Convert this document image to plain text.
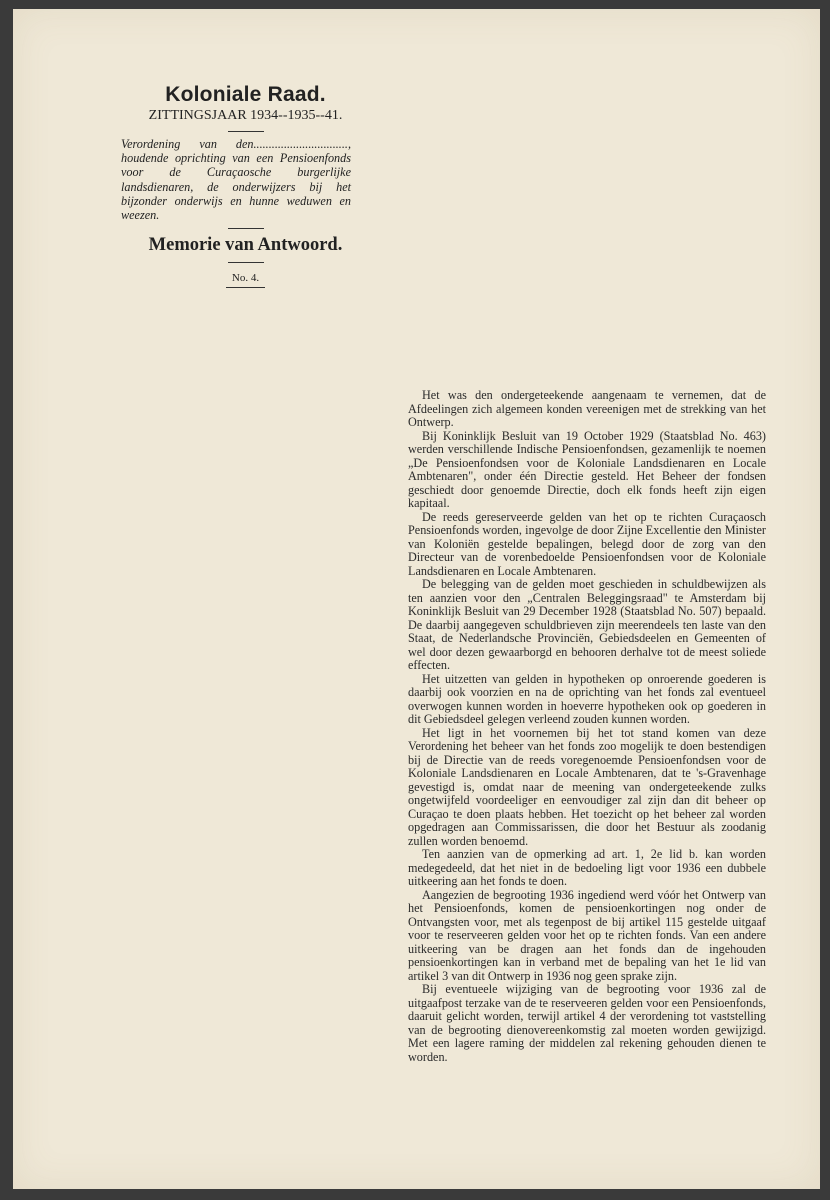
Koloniale Raad.
ZITTINGSJAAR 1934--1935--41.

Verordening van den..............................., houdende oprichting van een Pensioenfonds voor de Curaçaosche burgerlijke landsdienaren, de onderwijzers bij het bijzonder onderwijs en hunne weduwen en weezen.

Memorie van Antwoord.
No. 4.

Het was den ondergeteekende aangenaam te vernemen, dat de Afdeelingen zich algemeen konden vereenigen met de strekking van het Ontwerp.

Bij Koninklijk Besluit van 19 October 1929 (Staatsblad No. 463) werden verschillende Indische Pensioenfondsen, gezamenlijk te noemen „De Pensioenfondsen voor de Koloniale Landsdienaren en Locale Ambtenaren", onder één Directie gesteld. Het Beheer der fondsen geschiedt door genoemde Directie, doch elk fonds heeft zijn eigen kapitaal.

De reeds gereserveerde gelden van het op te richten Curaçaosch Pensioenfonds worden, ingevolge de door Zijne Excellentie den Minister van Koloniën gestelde bepalingen, belegd door de zorg van den Directeur van de vorenbedoelde Pensioenfondsen voor de Koloniale Landsdienaren en Locale Ambtenaren.

De belegging van de gelden moet geschieden in schuldbewijzen als ten aanzien voor den „Centralen Beleggingsraad" te Amsterdam bij Koninklijk Besluit van 29 December 1928 (Staatsblad No. 507) bepaald. De daarbij aangegeven schuldbrieven zijn meerendeels ten laste van den Staat, de Nederlandsche Provinciën, Gebiedsdeelen en Gemeenten of wel door dezen gewaarborgd en behooren derhalve tot de meest soliede effecten.

Het uitzetten van gelden in hypotheken op onroerende goederen is daarbij ook voorzien en na de oprichting van het fonds zal eventueel overwogen kunnen worden in hoeverre hypotheken ook op goederen in dit Gebiedsdeel gelegen verleend zouden kunnen worden.

Het ligt in het voornemen bij het tot stand komen van deze Verordening het beheer van het fonds zoo mogelijk te doen bestendigen bij de Directie van de reeds voregenoemde Pensioenfondsen voor de Koloniale Landsdienaren en Locale Ambtenaren, dat te 's-Gravenhage gevestigd is, omdat naar de meening van ondergeteekende zulks ongetwijfeld voordeeliger en eenvoudiger zal zijn dan dit beheer op Curaçao te doen plaats hebben. Het toezicht op het beheer zal worden opgedragen aan Commissarissen, die door het Bestuur als zoodanig zullen worden benoemd.

Ten aanzien van de opmerking ad art. 1, 2e lid b. kan worden medegedeeld, dat het niet in de bedoeling ligt voor 1936 een dubbele uitkeering aan het fonds te doen.

Aangezien de begrooting 1936 ingediend werd vóór het Ontwerp van het Pensioenfonds, komen de pensioenkortingen nog onder de Ontvangsten voor, met als tegenpost de bij artikel 115 gestelde uitgaaf voor te reserveeren gelden voor het op te richten fonds. Van een andere uitkeering van be dragen aan het fonds dan de ingehouden pensioenkortingen kan in verband met de bepaling van het 1e lid van artikel 3 van dit Ontwerp in 1936 nog geen sprake zijn.

Bij eventueele wijziging van de begrooting voor 1936 zal de uitgaafpost terzake van de te reserveeren gelden voor een Pensioenfonds, daaruit gelicht worden, terwijl artikel 4 der verordening tot vaststelling van de begrooting dienovereenkomstig zal moeten worden gewijzigd. Met een lagere raming der middelen zal rekening gehouden dienen te worden.
